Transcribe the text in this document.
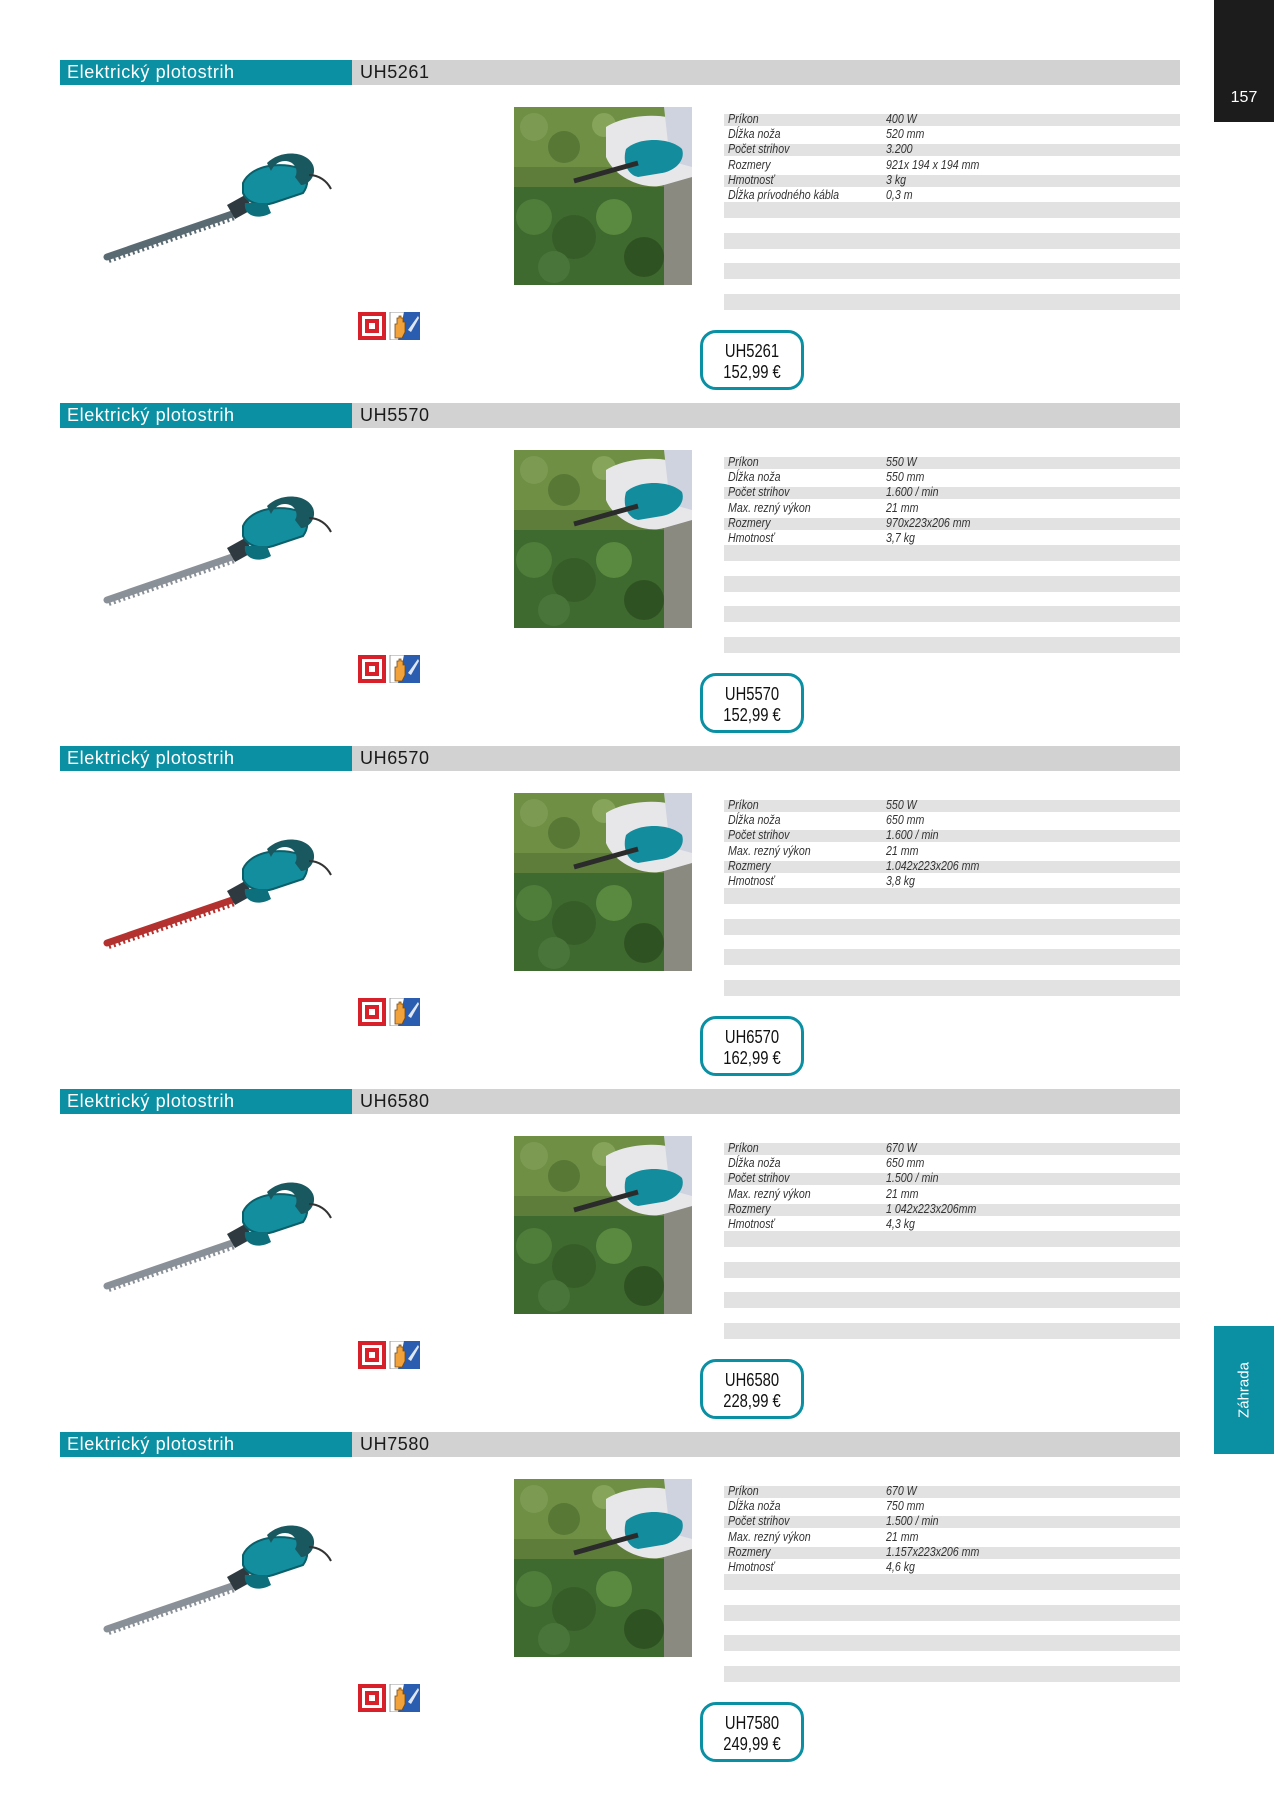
157
Záhrada
Elektrický plotostrih	UH5261
Príkon	400 W
Dĺžka noža	520 mm
Počet strihov	3.200
Rozmery	921x 194 x 194 mm
Hmotnosť	3 kg
Dĺžka prívodného kábla	0,3 m
UH5261
152,99 €
Elektrický plotostrih	UH5570
Príkon	550 W
Dĺžka noža	550 mm
Počet strihov	1.600 / min
Max. rezný výkon	21 mm
Rozmery	970x223x206 mm
Hmotnosť	3,7 kg
UH5570
152,99 €
Elektrický plotostrih	UH6570
Príkon	550 W
Dĺžka noža	650 mm
Počet strihov	1.600 / min
Max. rezný výkon	21 mm
Rozmery	1.042x223x206 mm
Hmotnosť	3,8 kg
UH6570
162,99 €
Elektrický plotostrih	UH6580
Príkon	670 W
Dĺžka noža	650 mm
Počet strihov	1.500 / min
Max. rezný výkon	21 mm
Rozmery	1 042x223x206mm
Hmotnosť	4,3 kg
UH6580
228,99 €
Elektrický plotostrih	UH7580
Príkon	670 W
Dĺžka noža	750 mm
Počet strihov	1.500 / min
Max. rezný výkon	21 mm
Rozmery	1.157x223x206 mm
Hmotnosť	4,6 kg
UH7580
249,99 €
